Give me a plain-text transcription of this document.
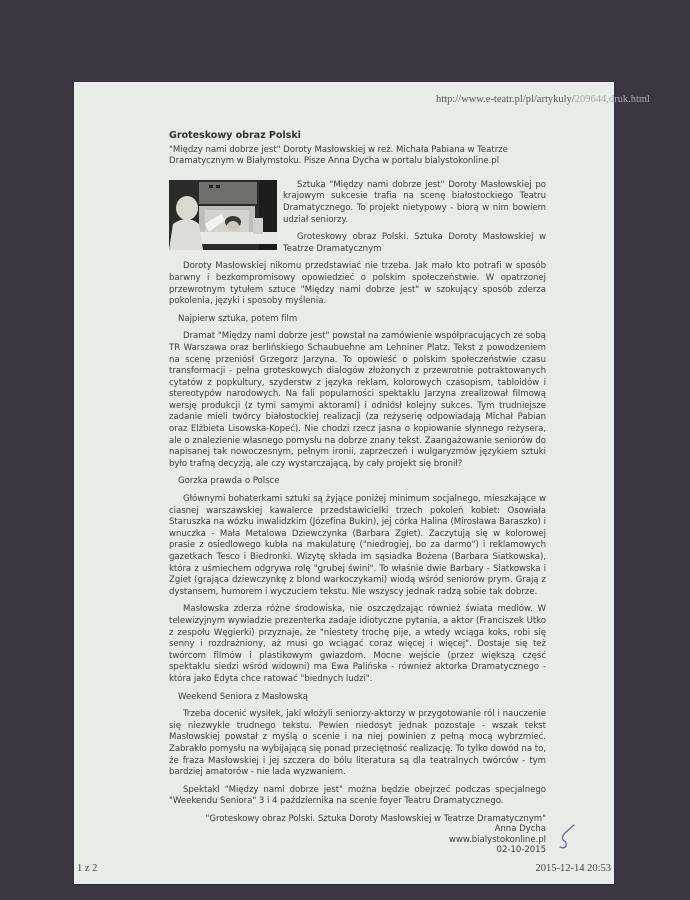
http://www.e-teatr.pl/pl/artykuly/209644,druk.html
Groteskowy obraz Polski
"Między nami dobrze jest" Doroty Masłowskiej w reż. Michała Pabiana w Teatrze Dramatycznym w Białymstoku. Pisze Anna Dycha w portalu bialystokonline.pl

Sztuka "Między nami dobrze jest" Doroty Masłowskiej po krajowym sukcesie trafia na scenę białostockiego Teatru Dramatycznego. To projekt nietypowy - biorą w nim bowiem udział seniorzy.

Groteskowy obraz Polski. Sztuka Doroty Masłowskiej w Teatrze Dramatycznym

Doroty Masłowskiej nikomu przedstawiać nie trzeba. Jak mało kto potrafi w sposób barwny i bezkompromisowy opowiedzieć o polskim społeczeństwie. W opatrzonej przewrotnym tytułem sztuce "Między nami dobrze jest" w szokujący sposób zderza pokolenia, języki i sposoby myślenia.

Najpierw sztuka, potem film

Dramat "Między nami dobrze jest" powstał na zamówienie współpracujących ze sobą TR Warszawa oraz berlińskiego Schaubuehne am Lehniner Platz. Tekst z powodzeniem na scenę przeniósł Grzegorz Jarzyna. To opowieść o polskim społeczeństwie czasu transformacji - pełna groteskowych dialogów złożonych z przewrotnie potraktowanych cytatów z popkultury, szyderstw z języka reklam, kolorowych czasopism, tabloidów i stereotypów narodowych. Na fali popularności spektaklu Jarzyna zrealizował filmową wersję produkcji (z tymi samymi aktorami) i odniósł kolejny sukces. Tym trudniejsze zadanie mieli twórcy białostockiej realizacji (za reżyserię odpowiadają Michał Pabian oraz Elżbieta Lisowska-Kopeć). Nie chodzi rzecz jasna o kopiowanie słynnego reżysera, ale o znalezienie własnego pomysłu na dobrze znany tekst. Zaangażowanie seniorów do napisanej tak nowoczesnym, pełnym ironii, zaprzeczeń i wulgaryzmów językiem sztuki było trafną decyzją, ale czy wystarczającą, by cały projekt się bronił?

Gorzka prawda o Polsce

Głównymi bohaterkami sztuki są żyjące poniżej minimum socjalnego, mieszkające w ciasnej warszawskiej kawalerce przedstawicielki trzech pokoleń kobiet: Osowiała Staruszka na wózku inwalidzkim (Józefina Bukin), jej córka Halina (Mirosława Baraszko) i wnuczka - Mała Metalowa Dziewczynka (Barbara Zgiet). Zaczytują się w kolorowej prasie z osiedlowego kubła na makulaturę ("niedrogiej, bo za darmo") i reklamowych gazetkach Tesco i Biedronki. Wizytę składa im sąsiadka Bożena (Barbara Siatkowska), która z uśmiechem odgrywa rolę "grubej świni". To właśnie dwie Barbary - Siatkowska i Zgiet (grająca dziewczynkę z blond warkoczykami) wiodą wśród seniorów prym. Grają z dystansem, humorem i wyczuciem tekstu. Nie wszyscy jednak radzą sobie tak dobrze.

Masłowska zderza różne środowiska, nie oszczędzając również świata mediów. W telewizyjnym wywiadzie prezenterka zadaje idiotyczne pytania, a aktor (Franciszek Utko z zespołu Węgierki) przyznaje, że "niestety trochę pije, a wtedy wciąga koks, robi się senny i rozdrażniony, aż musi go wciągać coraz więcej i więcej". Dostaje się też twórcom filmów i plastikowym gwiazdom. Mocne wejście (przez większą część spektaklu siedzi wśród widowni) ma Ewa Palińska - również aktorka Dramatycznego - która jako Edyta chce ratować "biednych ludzi".

Weekend Seniora z Masłowską

Trzeba docenić wysiłek, jaki włożyli seniorzy-aktorzy w przygotowanie ról i nauczenie się niezwykle trudnego tekstu. Pewien niedosyt jednak pozostaje - wszak tekst Masłowskiej powstał z myślą o scenie i na niej powinien z pełną mocą wybrzmieć. Zabrakło pomysłu na wybijającą się ponad przeciętność realizację. To tylko dowód na to, że fraza Masłowskiej i jej szczera do bólu literatura są dla teatralnych twórców - tym bardziej amatorów - nie lada wyzwaniem.

Spektakl "Między nami dobrze jest" można będzie obejrzeć podczas specjalnego "Weekendu Seniora" 3 i 4 października na scenie foyer Teatru Dramatycznego.

"Groteskowy obraz Polski. Sztuka Doroty Masłowskiej w Teatrze Dramatycznym"
Anna Dycha
www.bialystokonline.pl
02-10-2015
1 z 2	2015-12-14 20:53
